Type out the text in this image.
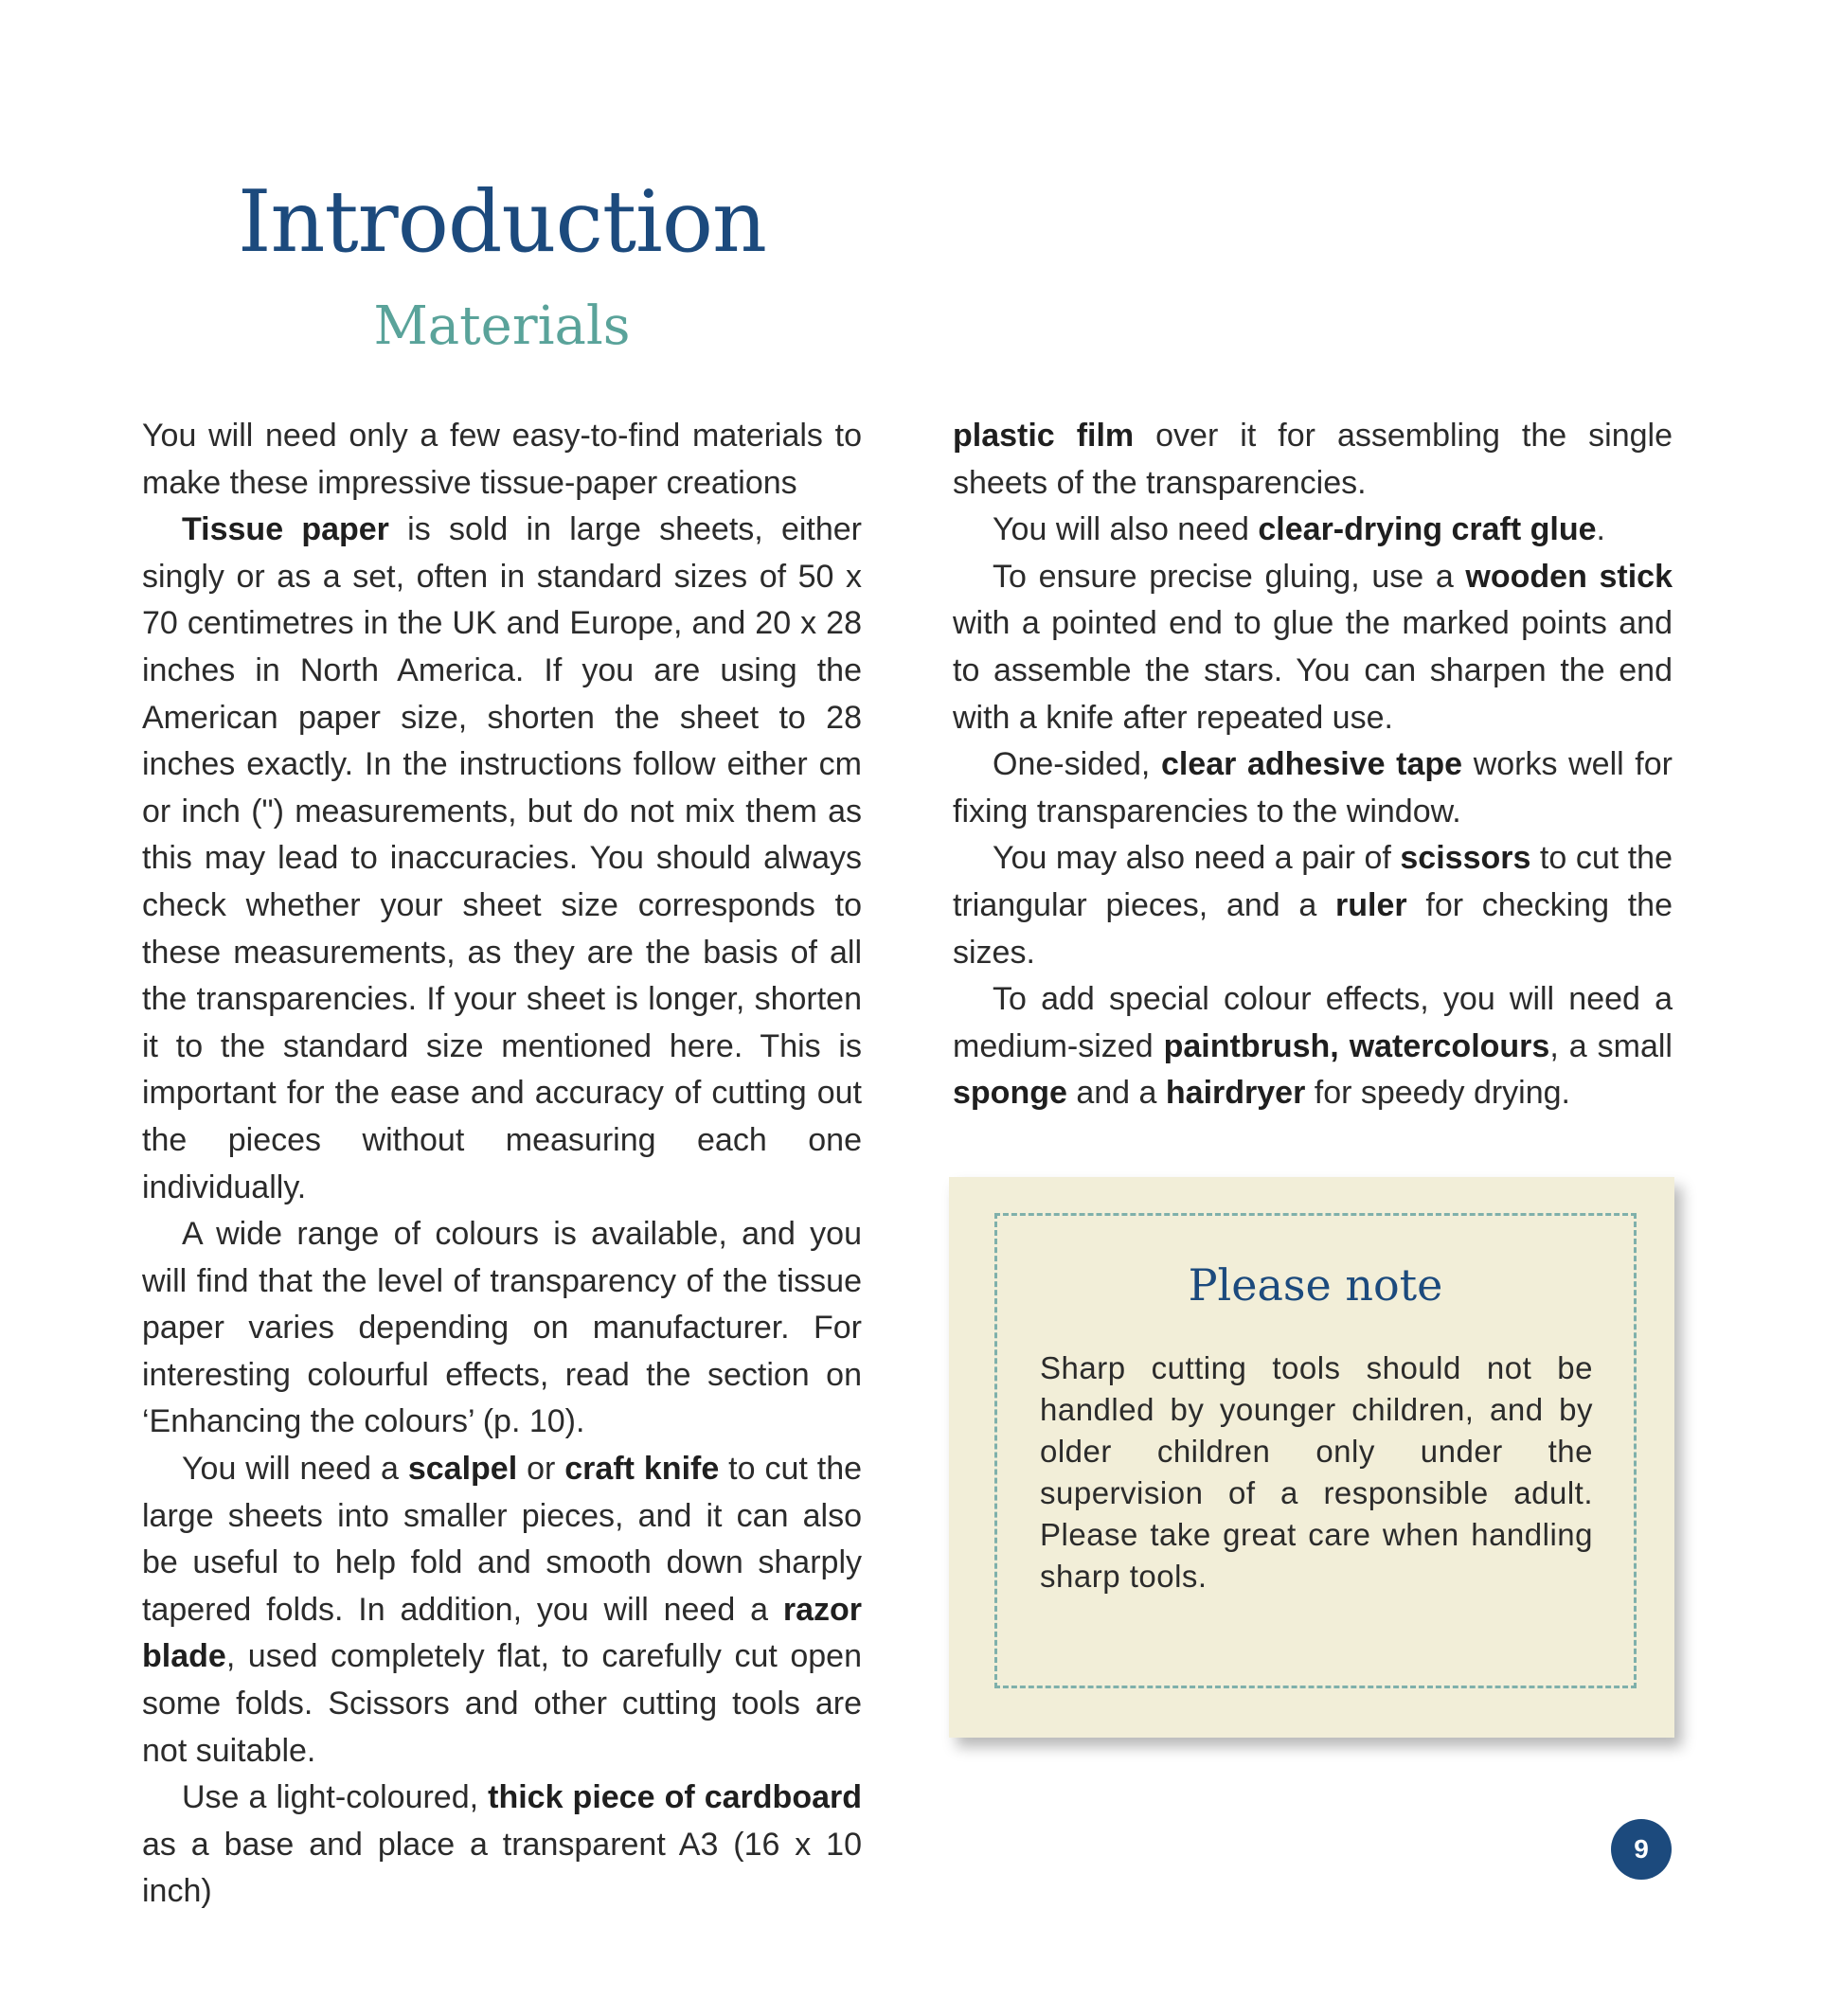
Introduction
Materials

You will need only a few easy-to-find materials to make these impressive tissue-paper creations

Tissue paper is sold in large sheets, either singly or as a set, often in standard sizes of 50 x 70 centimetres in the UK and Europe, and 20 x 28 inches in North America. If you are using the American paper size, shorten the sheet to 28 inches exactly. In the instructions follow either cm or inch (") measurements, but do not mix them as this may lead to inaccuracies. You should always check whether your sheet size corresponds to these measurements, as they are the basis of all the transparencies. If your sheet is longer, shorten it to the standard size mentioned here. This is important for the ease and accuracy of cutting out the pieces without measuring each one individually.

A wide range of colours is available, and you will find that the level of transparency of the tissue paper varies depending on manufacturer. For interesting colourful effects, read the section on ‘Enhancing the colours’ (p. 10).

You will need a scalpel or craft knife to cut the large sheets into smaller pieces, and it can also be useful to help fold and smooth down sharply tapered folds. In addition, you will need a razor blade, used completely flat, to carefully cut open some folds. Scissors and other cutting tools are not suitable.

Use a light-coloured, thick piece of cardboard as a base and place a transparent A3 (16 x 10 inch)

plastic film over it for assembling the single sheets of the transparencies.

You will also need clear-drying craft glue.

To ensure precise gluing, use a wooden stick with a pointed end to glue the marked points and to assemble the stars. You can sharpen the end with a knife after repeated use.

One-sided, clear adhesive tape works well for fixing transparencies to the window.

You may also need a pair of scissors to cut the triangular pieces, and a ruler for checking the sizes.

To add special colour effects, you will need a medium-sized paintbrush, watercolours, a small sponge and a hairdryer for speedy drying.

Please note

Sharp cutting tools should not be handled by younger children, and by older children only under the supervision of a responsible adult. Please take great care when handling sharp tools.

9
